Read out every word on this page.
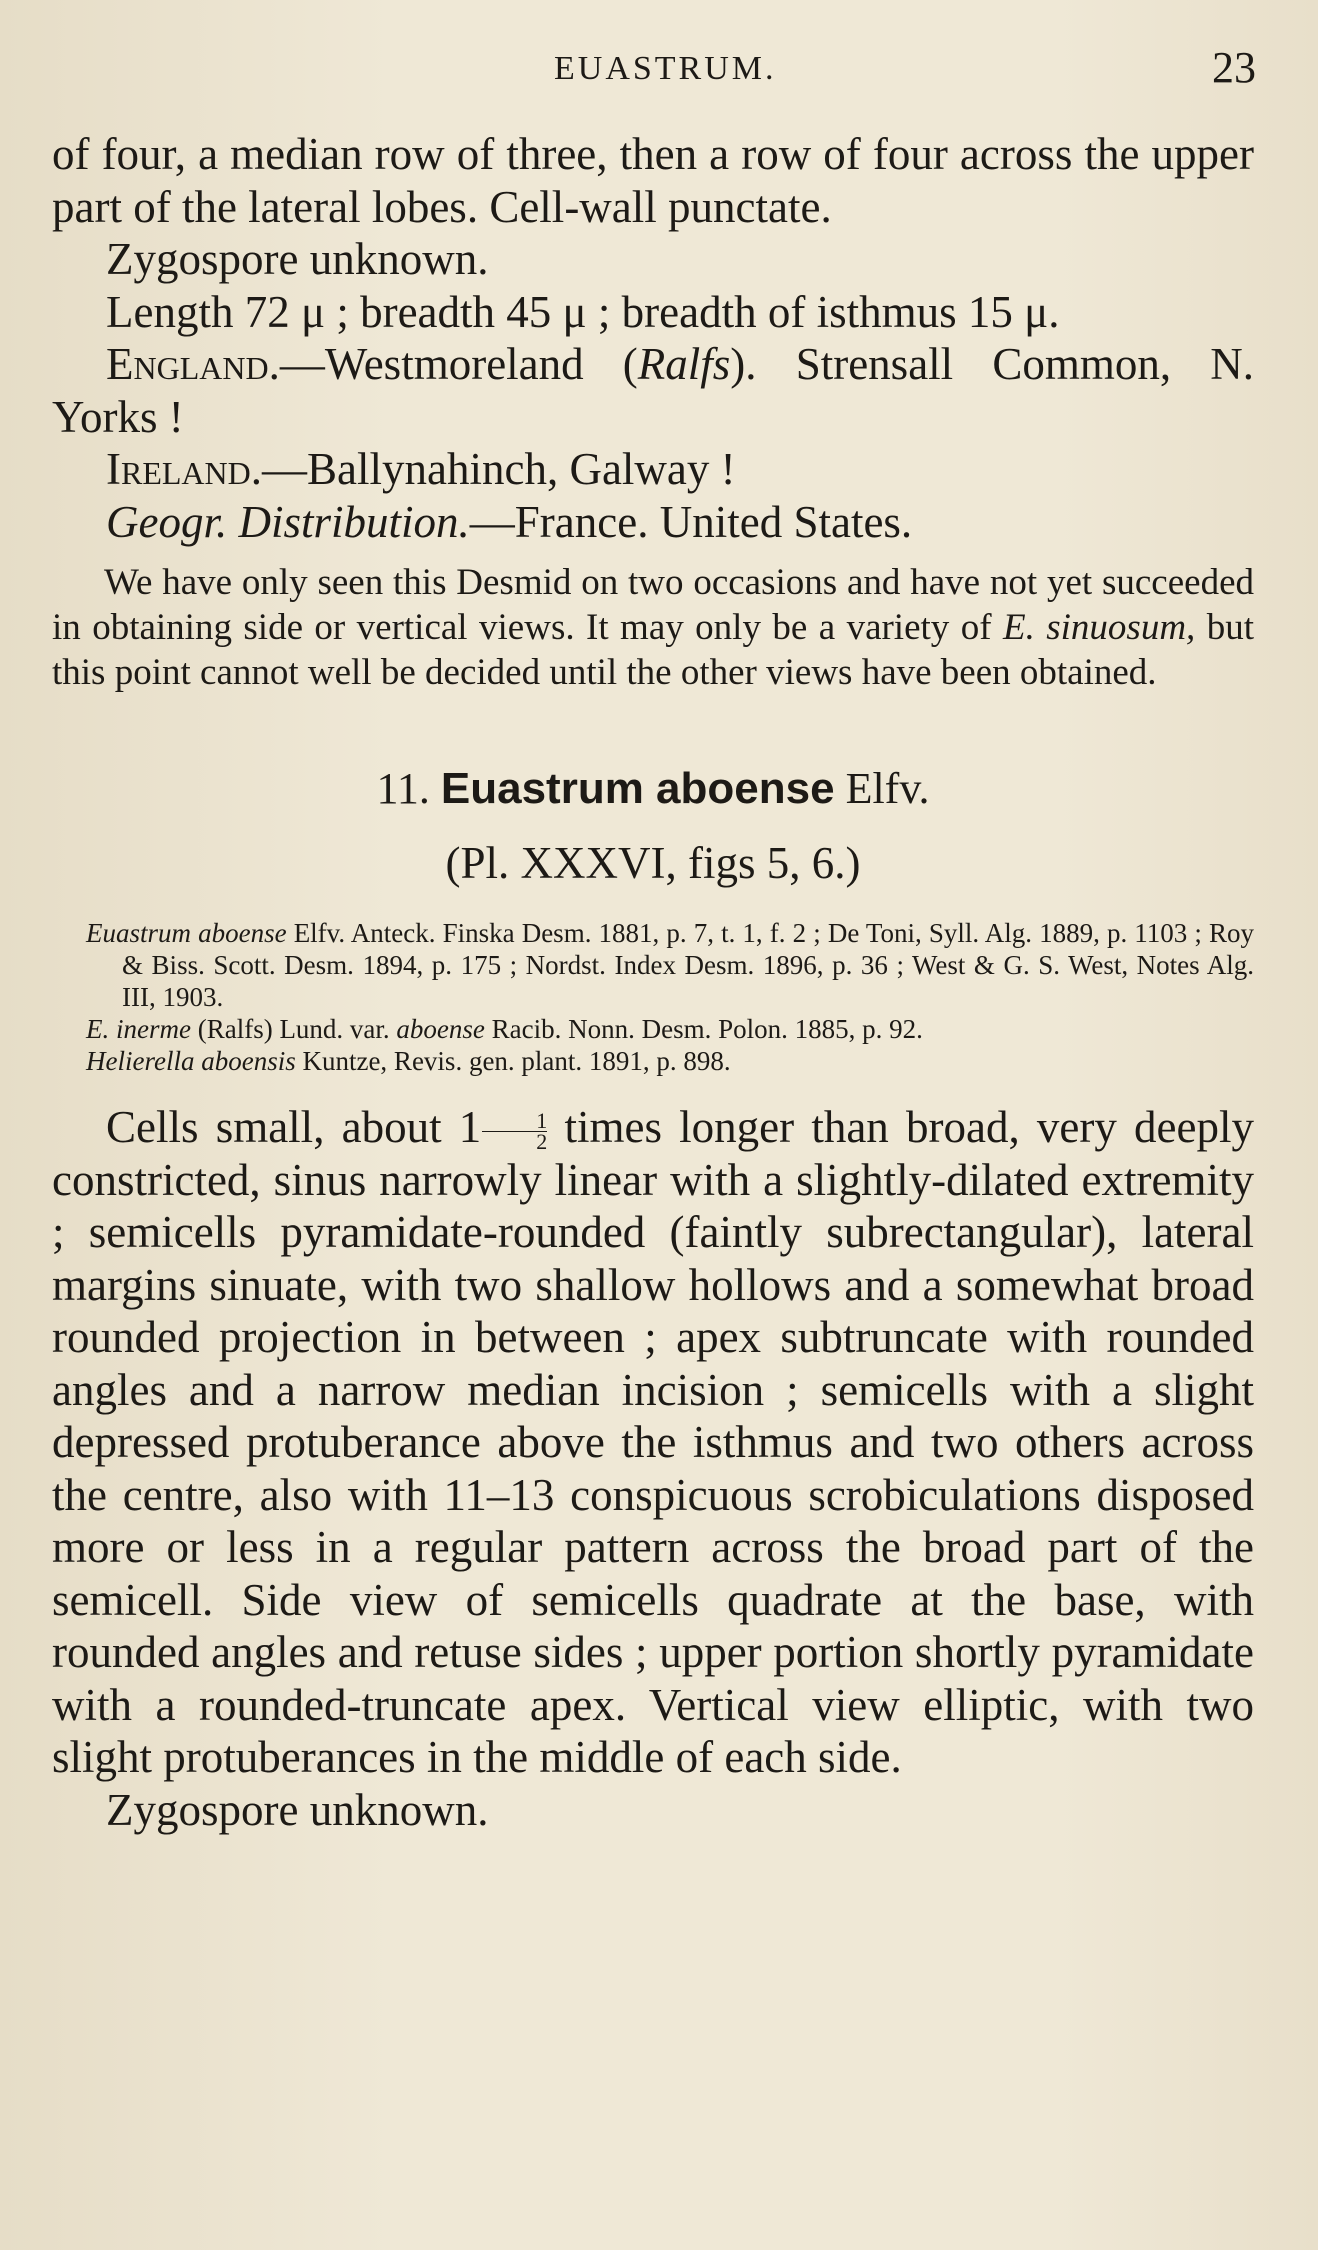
EUASTRUM.	23

of four, a median row of three, then a row of four across the upper part of the lateral lobes. Cell-wall punctate.

Zygospore unknown.

Length 72 μ ; breadth 45 μ ; breadth of isthmus 15 μ.

England.—Westmoreland (Ralfs). Strensall Common, N. Yorks !

Ireland.—Ballynahinch, Galway !

Geogr. Distribution.—France. United States.

We have only seen this Desmid on two occasions and have not yet succeeded in obtaining side or vertical views. It may only be a variety of E. sinuosum, but this point cannot well be decided until the other views have been obtained.

11. Euastrum aboense Elfv.

(Pl. XXXVI, figs 5, 6.)

Euastrum aboense Elfv. Anteck. Finska Desm. 1881, p. 7, t. 1, f. 2 ; De Toni, Syll. Alg. 1889, p. 1103 ; Roy & Biss. Scott. Desm. 1894, p. 175 ; Nordst. Index Desm. 1896, p. 36 ; West & G. S. West, Notes Alg. III, 1903.

E. inerme (Ralfs) Lund. var. aboense Racib. Nonn. Desm. Polon. 1885, p. 92.

Helierella aboensis Kuntze, Revis. gen. plant. 1891, p. 898.

Cells small, about $1 \frac{1}{2}$ times longer than broad, very deeply constricted, sinus narrowly linear with a slightly-dilated extremity ; semicells pyramidate-rounded (faintly subrectangular), lateral margins sinuate, with two shallow hollows and a somewhat broad rounded projection in between ; apex subtruncate with rounded angles and a narrow median incision ; semicells with a slight depressed protuberance above the isthmus and two others across the centre, also with 11–13 conspicuous scrobiculations disposed more or less in a regular pattern across the broad part of the semicell. Side view of semicells quadrate at the base, with rounded angles and retuse sides ; upper portion shortly pyramidate with a rounded-truncate apex. Vertical view elliptic, with two slight protuberances in the middle of each side.

Zygospore unknown.
